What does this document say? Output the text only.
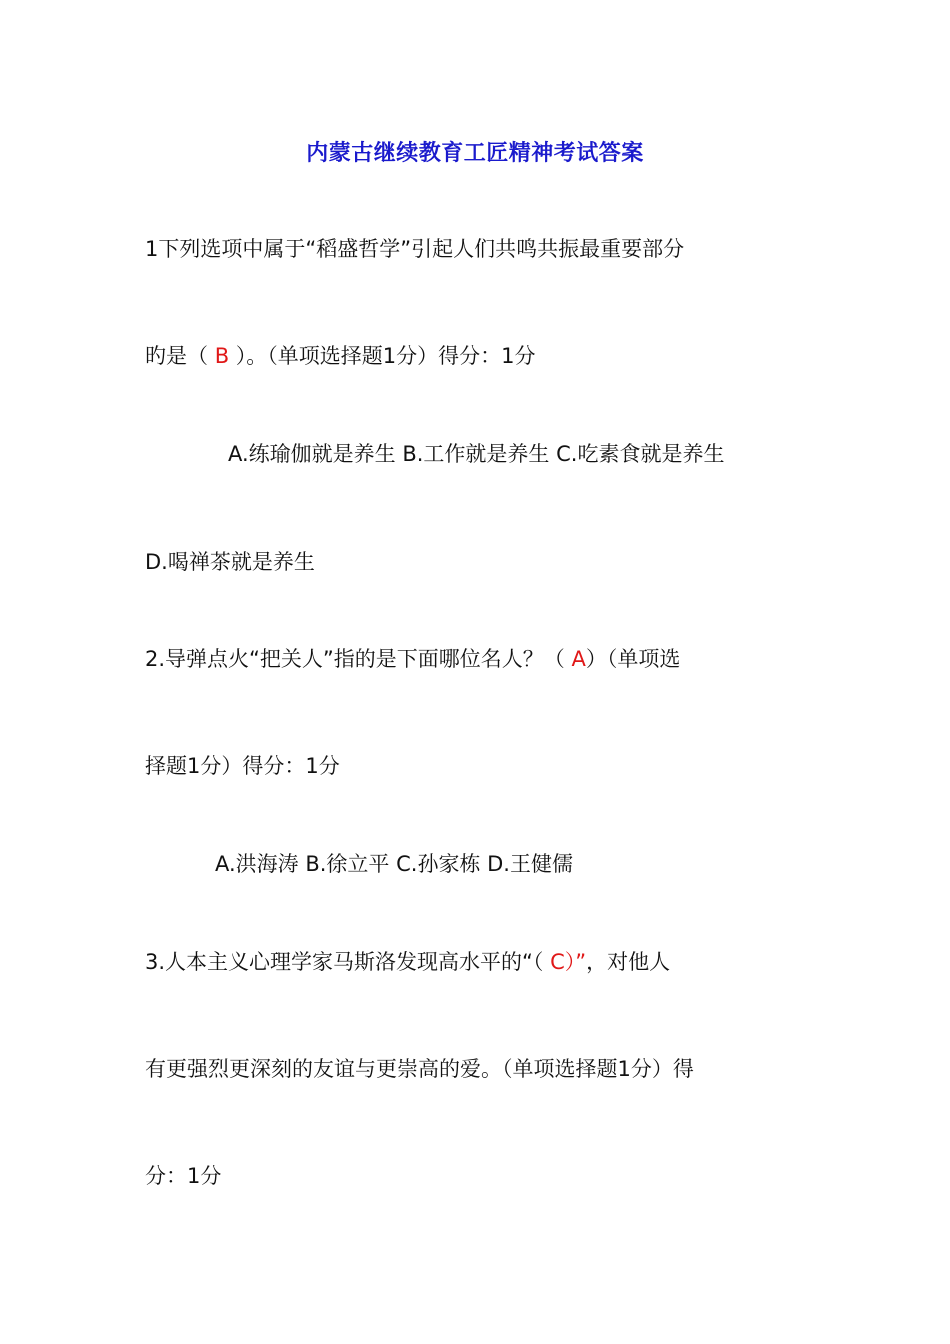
内蒙古继续教育工匠精神考试答案
1下列选项中属于“稻盛哲学”引起人们共鸣共振最重要部分
旳是（ B ）。（单项选择题1分）得分：1分
A.练瑜伽就是养生 B.工作就是养生 C.吃素食就是养生
D.喝禅茶就是养生
2.导弹点火“把关人”指的是下面哪位名人？（ A）（单项选
择题1分）得分：1分
A.洪海涛 B.徐立平 C.孙家栋 D.王健儒
3.人本主义心理学家马斯洛发现高水平的“（ C）”，对他人
有更强烈更深刻的友谊与更崇高的爱。（单项选择题1分）得
分：1分
